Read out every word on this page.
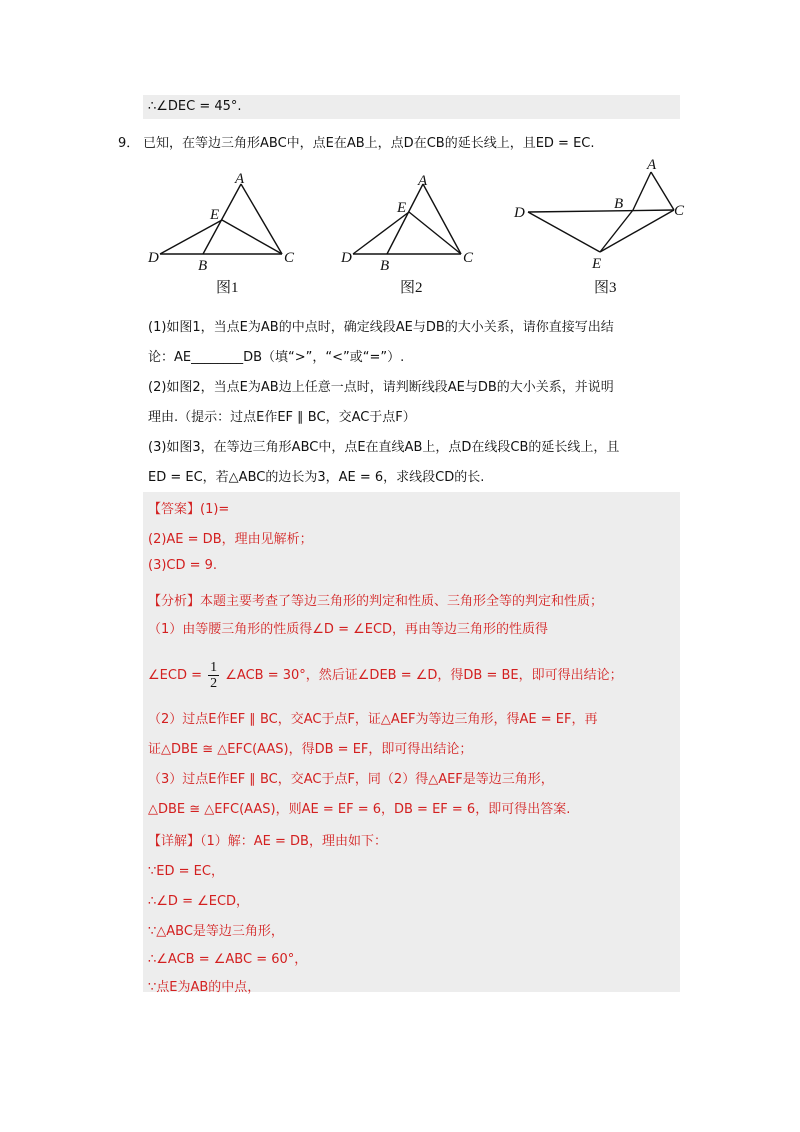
∴∠DEC = 45°.
9． 已知，在等边三角形ABC中，点E在AB上，点D在CB的延长线上，且ED = EC.
A
E
D	B	C
图1
A
E
D B	C
图2
A
B
D	C
E
图3
(1)如图1，当点E为AB的中点时，确定线段AE与DB的大小关系，请你直接写出结
论：AE________DB（填“>”，“<”或“=”）.
(2)如图2，当点E为AB边上任意一点时，请判断线段AE与DB的大小关系，并说明
理由.（提示：过点E作EF ∥ BC，交AC于点F）
(3)如图3，在等边三角形ABC中，点E在直线AB上，点D在线段CB的延长线上，且
ED = EC，若△ABC的边长为3，AE = 6，求线段CD的长.
【答案】(1)=
(2)AE = DB，理由见解析；
(3)CD = 9.
【分析】本题主要考查了等边三角形的判定和性质、三角形全等的判定和性质；
（1）由等腰三角形的性质得∠D = ∠ECD，再由等边三角形的性质得
∠ECD = $\frac{1}{2}$ ∠ACB = 30°，然后证∠DEB = ∠D，得DB = BE，即可得出结论；
（2）过点E作EF ∥ BC，交AC于点F，证△AEF为等边三角形，得AE = EF，再
证△DBE ≅ △EFC(AAS)，得DB = EF，即可得出结论；
（3）过点E作EF ∥ BC，交AC于点F，同（2）得△AEF是等边三角形，
△DBE ≅ △EFC(AAS)，则AE = EF = 6，DB = EF = 6，即可得出答案.
【详解】（1）解：AE = DB，理由如下：
∵ED = EC，
∴∠D = ∠ECD，
∵△ABC是等边三角形，
∴∠ACB = ∠ABC = 60°，
∵点E为AB的中点，
